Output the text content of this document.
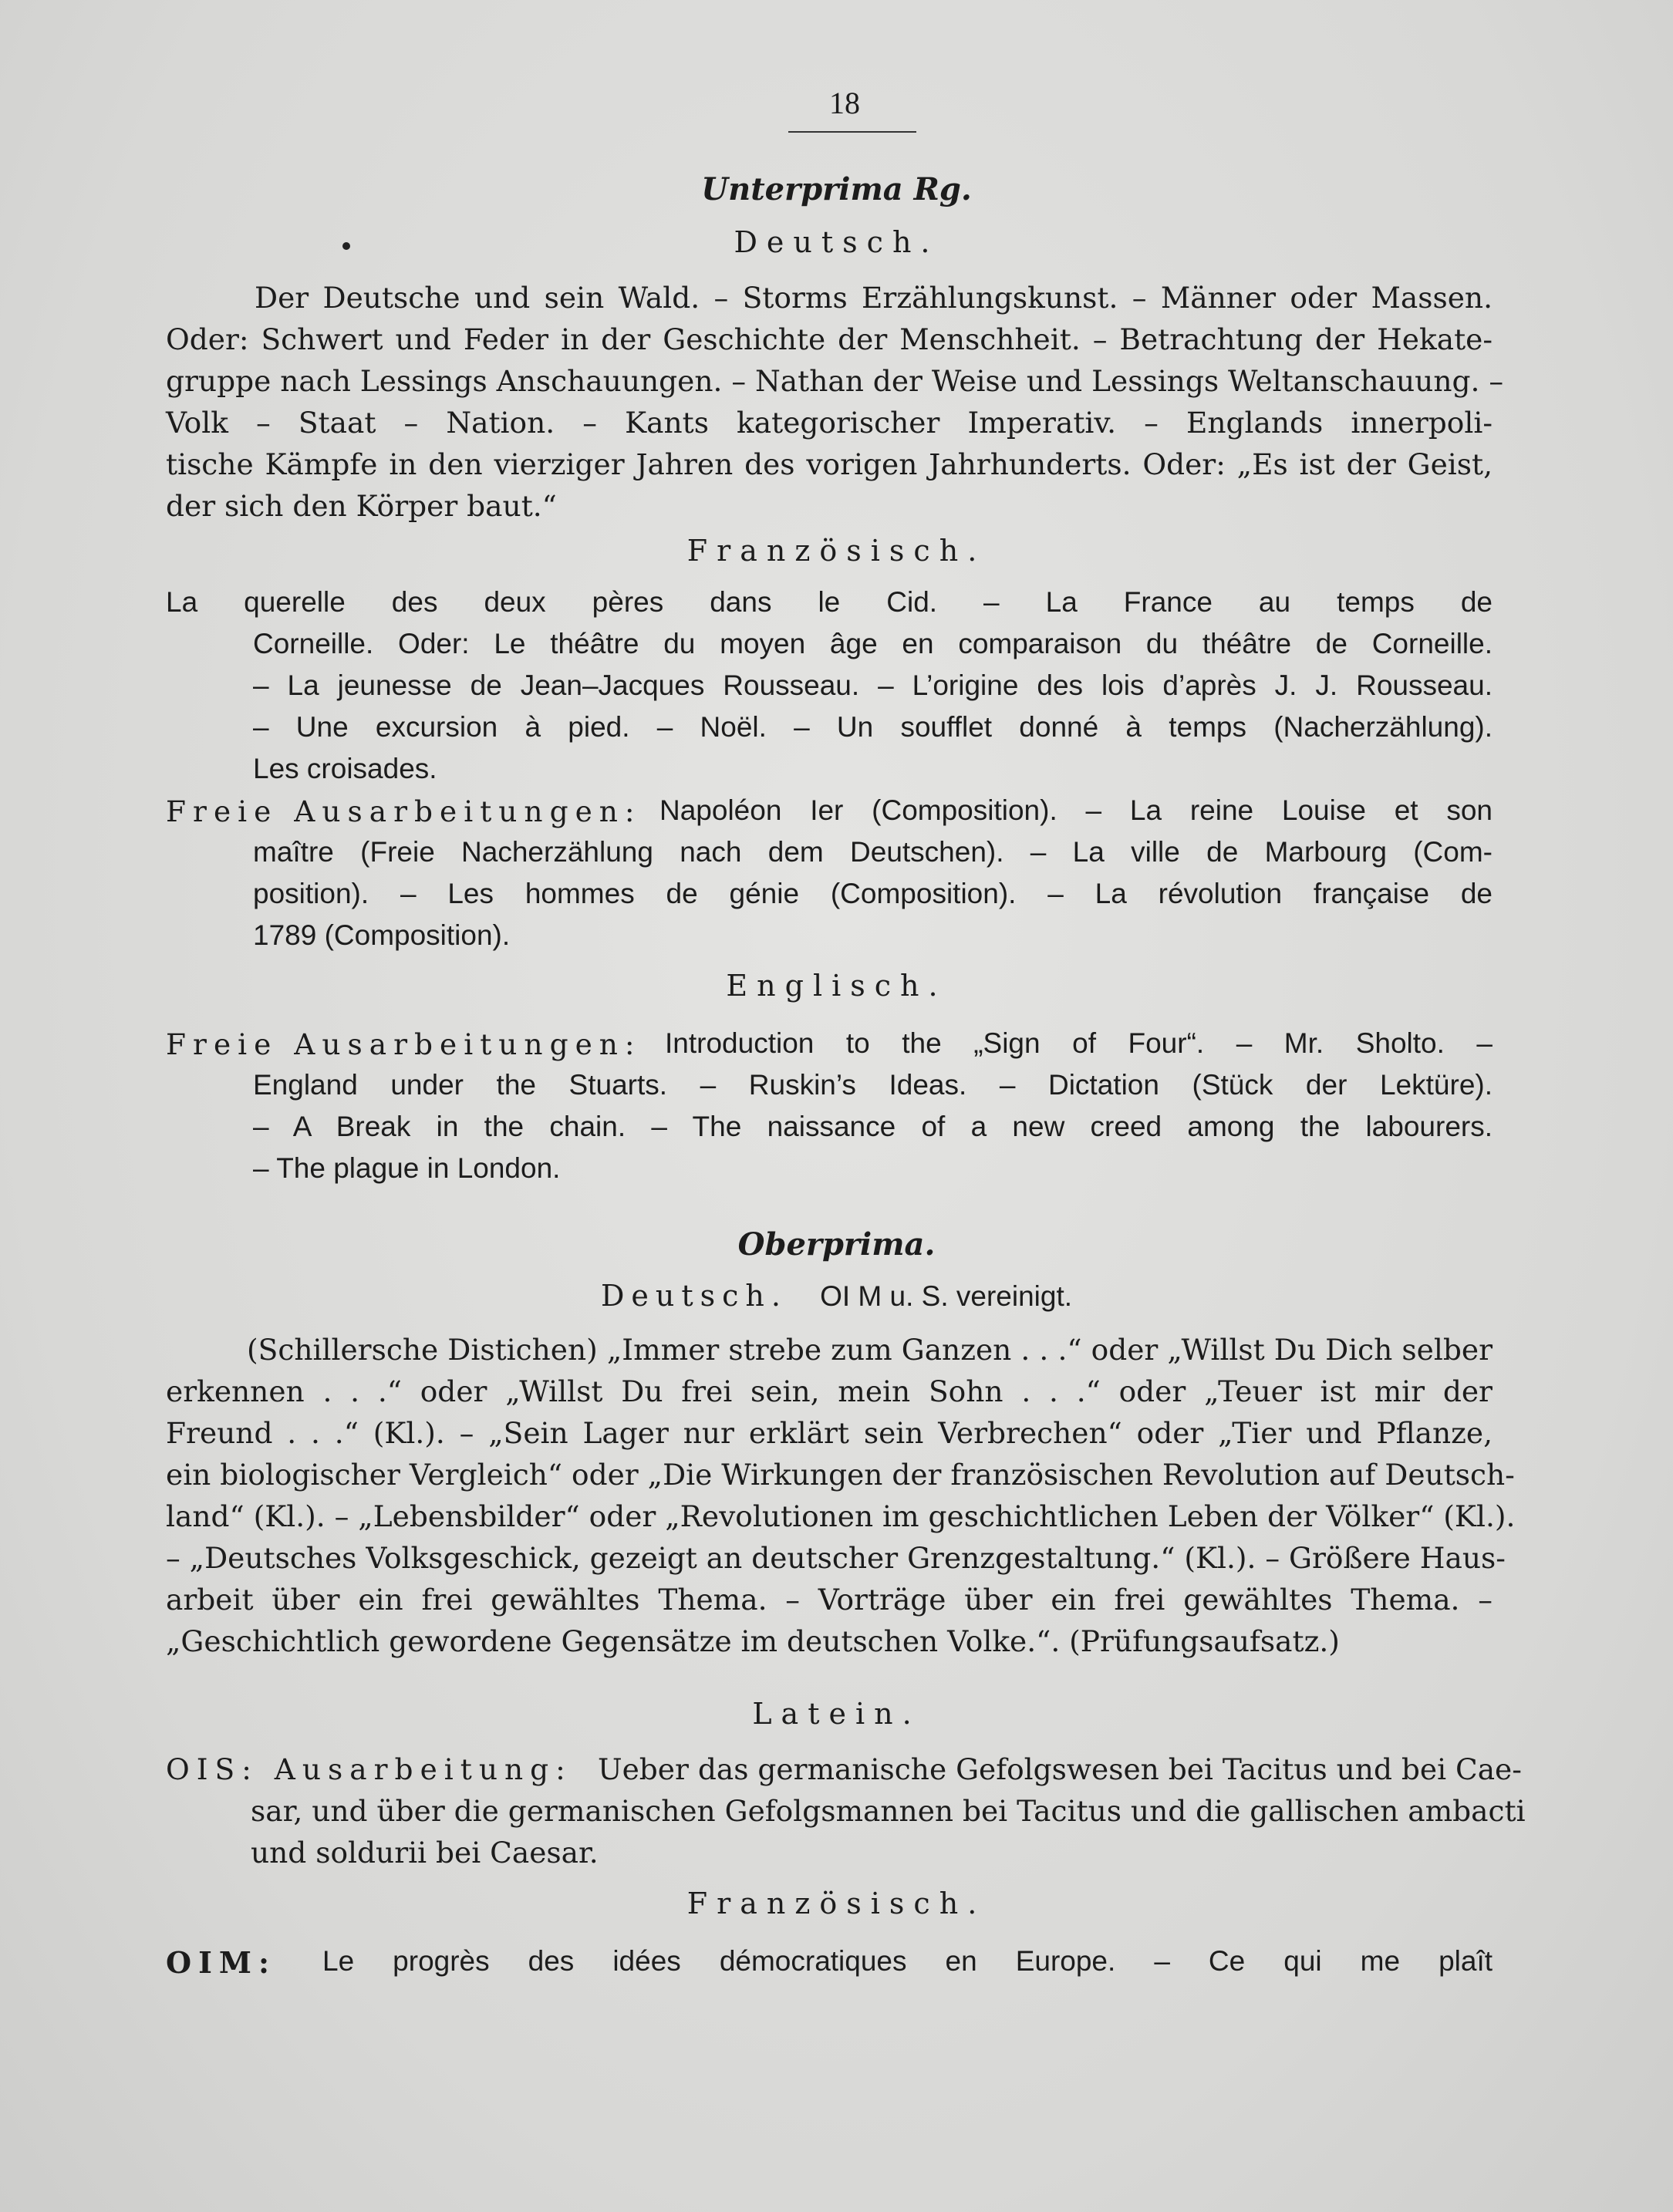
18
Unterprima Rg.
Deutsch.
Der Deutsche und sein Wald. – Storms Erzählungskunst. – Männer oder Massen.
Oder: Schwert und Feder in der Geschichte der Menschheit. – Betrachtung der Hekate-
gruppe nach Lessings Anschauungen. – Nathan der Weise und Lessings Weltanschauung. –
Volk – Staat – Nation. – Kants kategorischer Imperativ. – Englands innerpoli-
tische Kämpfe in den vierziger Jahren des vorigen Jahrhunderts. Oder: „Es ist der Geist,
der sich den Körper baut.“
Französisch.
La querelle des deux pères dans le Cid. – La France au temps de
Corneille. Oder: Le théâtre du moyen âge en comparaison du théâtre de Corneille.
– La jeunesse de Jean–Jacques Rousseau. – L’origine des lois d’après J. J. Rousseau.
– Une excursion à pied. – Noël. – Un soufflet donné à temps (Nacherzählung).
Les croisades.
Freie Ausarbeitungen: Napoléon Ier (Composition). – La reine Louise et son
maître (Freie Nacherzählung nach dem Deutschen). – La ville de Marbourg (Com-
position). – Les hommes de génie (Composition). – La révolution française de
1789 (Composition).
Englisch.
Freie Ausarbeitungen: Introduction to the „Sign of Four“. – Mr. Sholto. –
England under the Stuarts. – Ruskin’s Ideas. – Dictation (Stück der Lektüre).
– A Break in the chain. – The naissance of a new creed among the labourers.
– The plague in London.
Oberprima.
Deutsch. OI M u. S. vereinigt.
(Schillersche Distichen) „Immer strebe zum Ganzen . . .“ oder „Willst Du Dich selber
erkennen . . .“ oder „Willst Du frei sein, mein Sohn . . .“ oder „Teuer ist mir der
Freund . . .“ (Kl.). – „Sein Lager nur erklärt sein Verbrechen“ oder „Tier und Pflanze,
ein biologischer Vergleich“ oder „Die Wirkungen der französischen Revolution auf Deutsch-
land“ (Kl.). – „Lebensbilder“ oder „Revolutionen im geschichtlichen Leben der Völker“ (Kl.).
– „Deutsches Volksgeschick, gezeigt an deutscher Grenzgestaltung.“ (Kl.). – Größere Haus-
arbeit über ein frei gewähltes Thema. – Vorträge über ein frei gewähltes Thema. –
„Geschichtlich gewordene Gegensätze im deutschen Volke.“. (Prüfungsaufsatz.)
Latein.
OIS: Ausarbeitung: Ueber das germanische Gefolgswesen bei Tacitus und bei Cae-
sar, und über die germanischen Gefolgsmannen bei Tacitus und die gallischen ambacti
und soldurii bei Caesar.
Französisch.
OIM: Le progrès des idées démocratiques en Europe. – Ce qui me plaît
